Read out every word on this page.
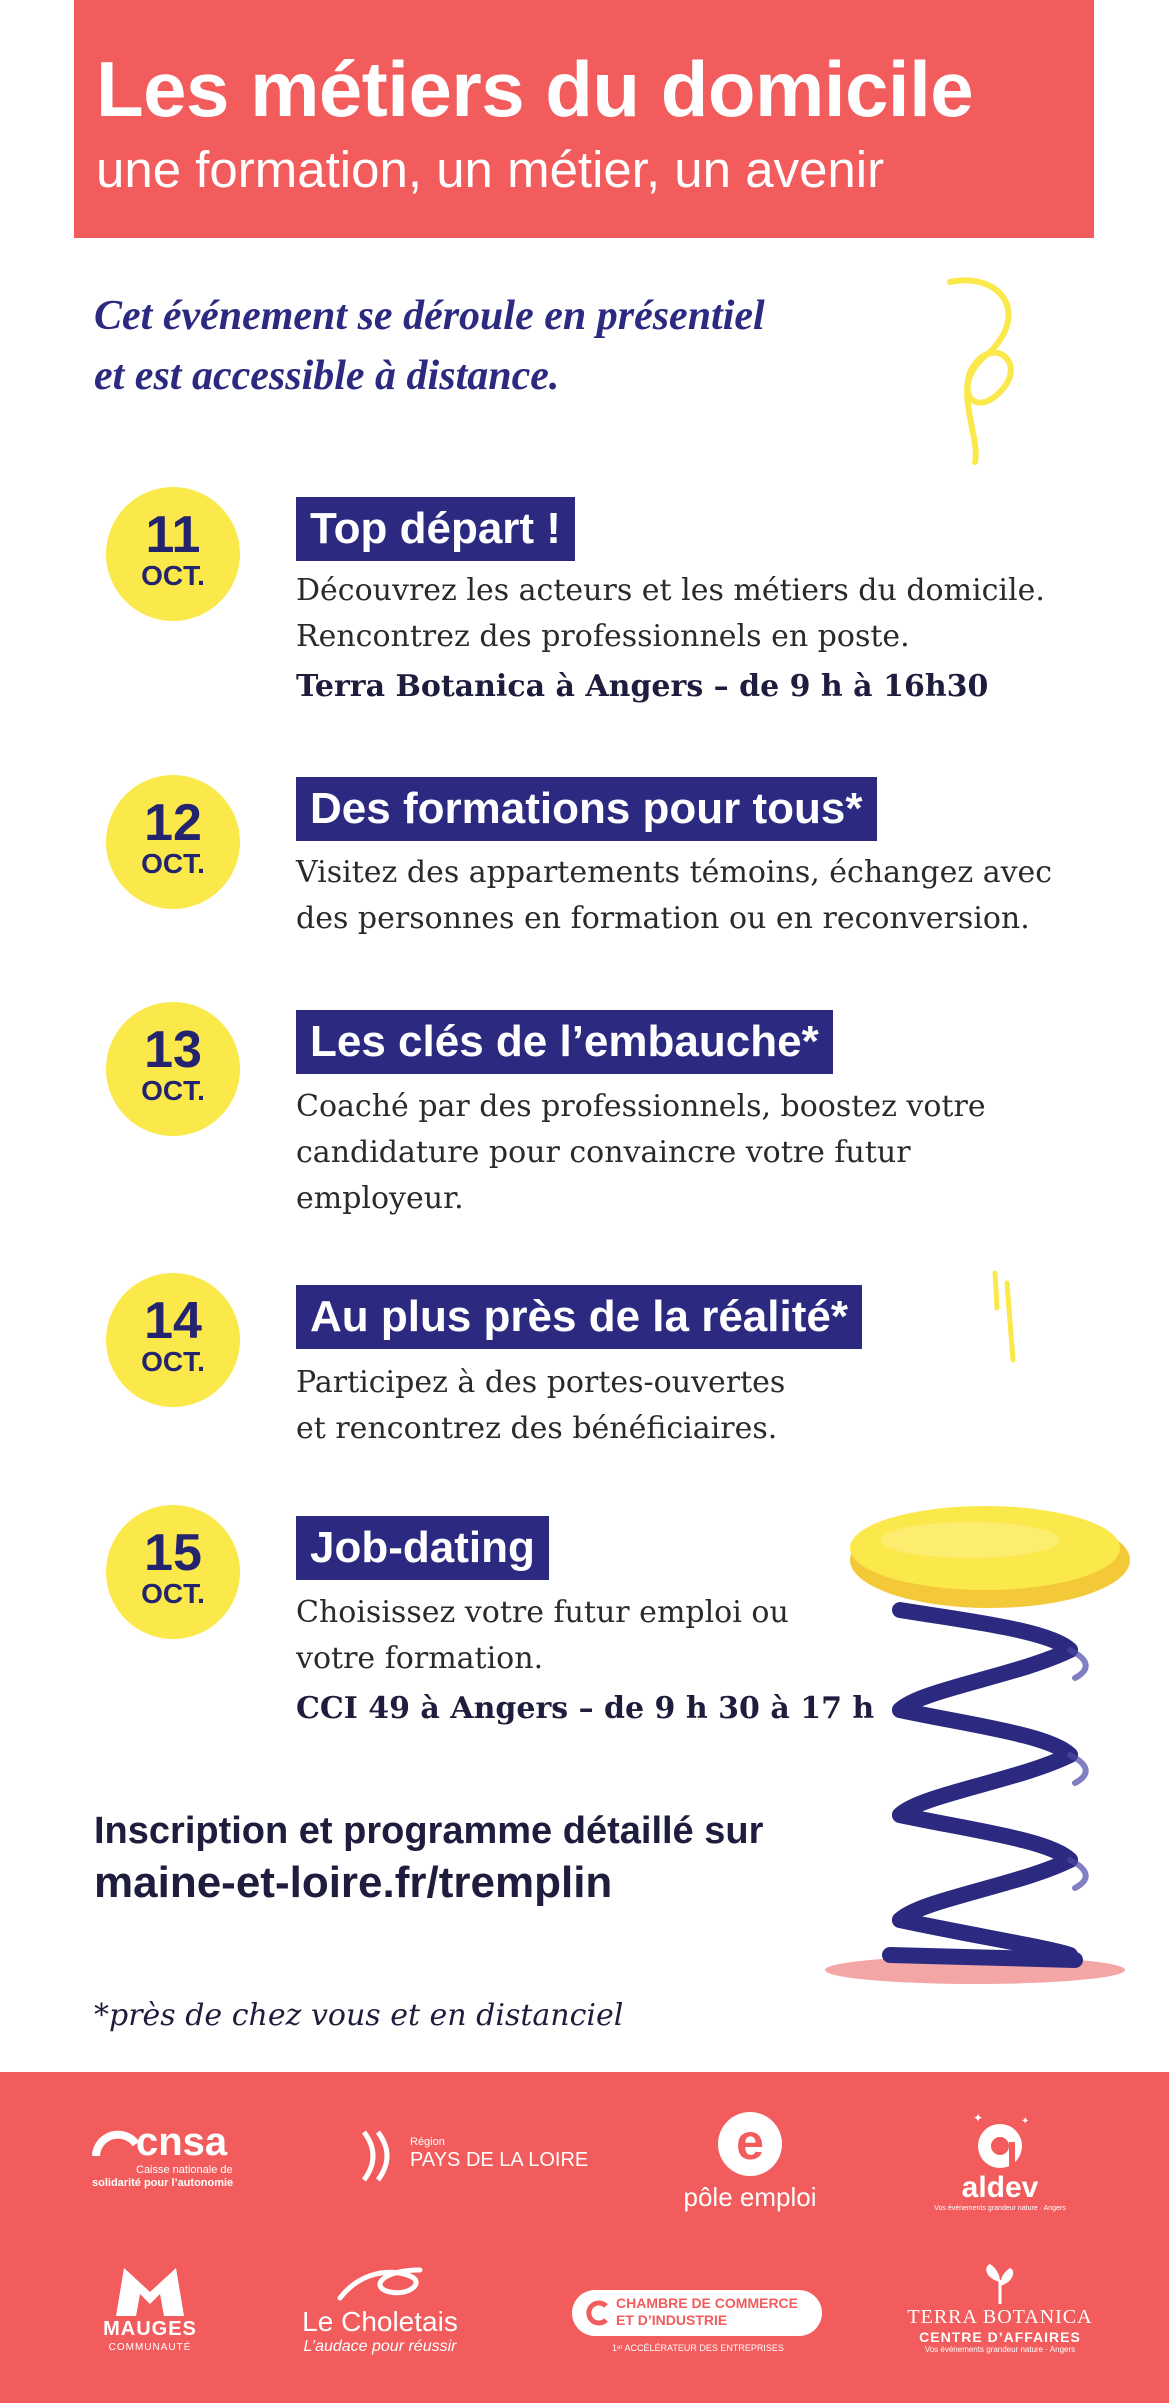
Les métiers du domicile
une formation, un métier, un avenir
Cet événement se déroule en présentiel
et est accessible à distance.
11
OCT.
Top départ !
Découvrez les acteurs et les métiers du domicile.
Rencontrez des professionnels en poste.
Terra Botanica à Angers – de 9 h à 16h30
12
OCT.
Des formations pour tous*
Visitez des appartements témoins, échangez avec
des personnes en formation ou en reconversion.
13
OCT.
Les clés de l’embauche*
Coaché par des professionnels, boostez votre
candidature pour convaincre votre futur
employeur.
14
OCT.
Au plus près de la réalité*
Participez à des portes-ouvertes
et rencontrez des bénéficiaires.
15
OCT.
Job-dating
Choisissez votre futur emploi ou
votre formation.
CCI 49 à Angers – de 9 h 30 à 17 h
Inscription et programme détaillé sur
maine-et-loire.fr/tremplin
*près de chez vous et en distanciel
cnsa
Caisse nationale de
solidarité pour l’autonomie
Région
PAYS DE LA LOIRE	e
pôle emploi
✦	✦
aldev
Vos événements grandeur nature · Angers
MAUGES
COMMUNAUTÉ
Le Choletais
L’audace pour réussir
CHAMBRE DE COMMERCE
ET D’INDUSTRIE
1ᵉʳ ACCÉLÉRATEUR DES ENTREPRISES
TERRA BOTANICA
CENTRE D’AFFAIRES
Vos événements grandeur nature · Angers
